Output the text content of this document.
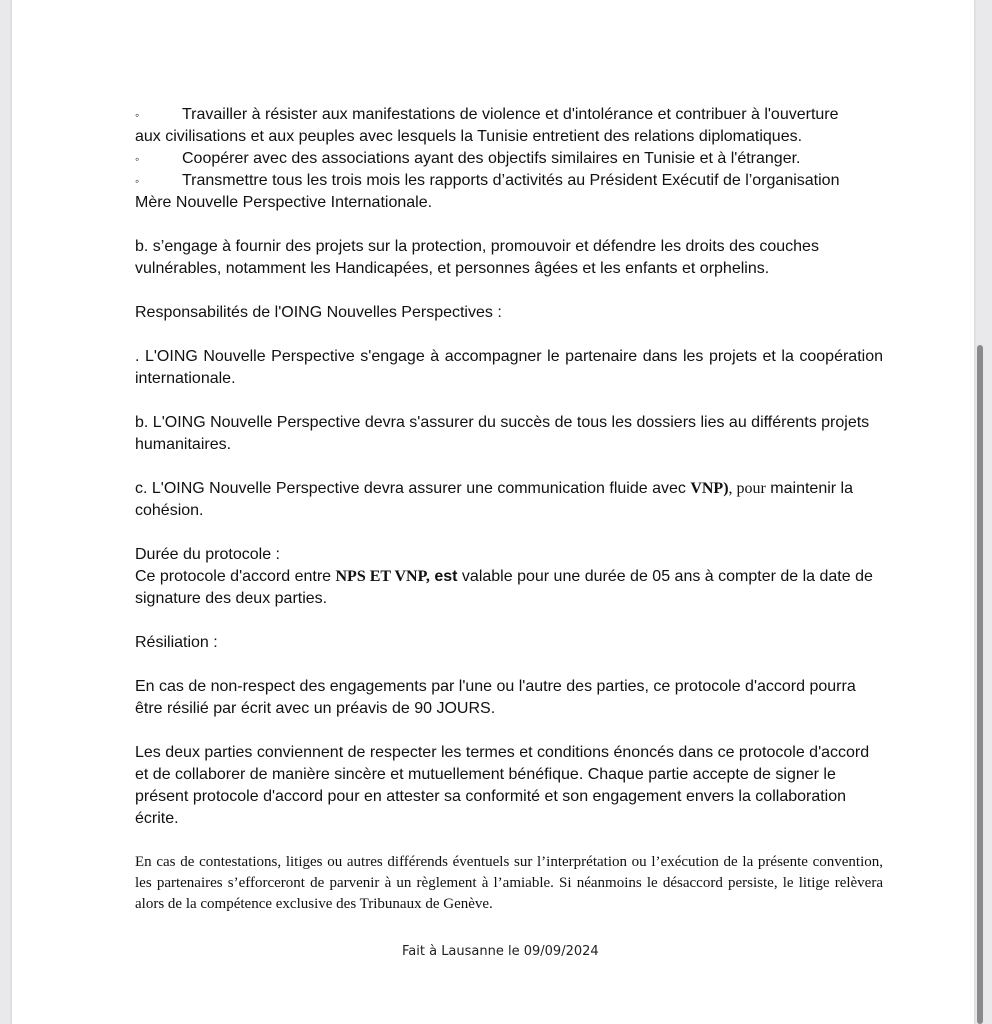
◦	Travailler à résister aux manifestations de violence et d'intolérance et contribuer à l'ouverture
aux civilisations et aux peuples avec lesquels la Tunisie entretient des relations diplomatiques.
◦	Coopérer avec des associations ayant des objectifs similaires en Tunisie et à l'étranger.
◦	Transmettre tous les trois mois les rapports d’activités au Président Exécutif de l’organisation
Mère Nouvelle Perspective Internationale.

b. s’engage à fournir des projets sur la protection, promouvoir et défendre les droits des couches vulnérables, notamment les Handicapées, et personnes âgées et les enfants et orphelins.

Responsabilités de l'OING Nouvelles Perspectives :

. L'OING Nouvelle Perspective s'engage à accompagner le partenaire dans les projets et la coopération internationale.

b. L'OING Nouvelle Perspective devra s'assurer du succès de tous les dossiers lies au différents projets humanitaires.

c. L'OING Nouvelle Perspective devra assurer une communication fluide avec VNP), pour maintenir la cohésion.

Durée du protocole :

Ce protocole d'accord entre NPS ET VNP, est valable pour une durée de 05 ans à compter de la date de signature des deux parties.

Résiliation :

En cas de non-respect des engagements par l'une ou l'autre des parties, ce protocole d'accord pourra être résilié par écrit avec un préavis de 90 JOURS.

Les deux parties conviennent de respecter les termes et conditions énoncés dans ce protocole d'accord et de collaborer de manière sincère et mutuellement bénéfique. Chaque partie accepte de signer le présent protocole d'accord pour en attester sa conformité et son engagement envers la collaboration écrite.

En cas de contestations, litiges ou autres différends éventuels sur l’interprétation ou l’exécution de la présente convention, les partenaires s’efforceront de parvenir à un règlement à l’amiable. Si néanmoins le désaccord persiste, le litige relèvera alors de la compétence exclusive des Tribunaux de Genève.

Fait à Lausanne le 09/09/2024
